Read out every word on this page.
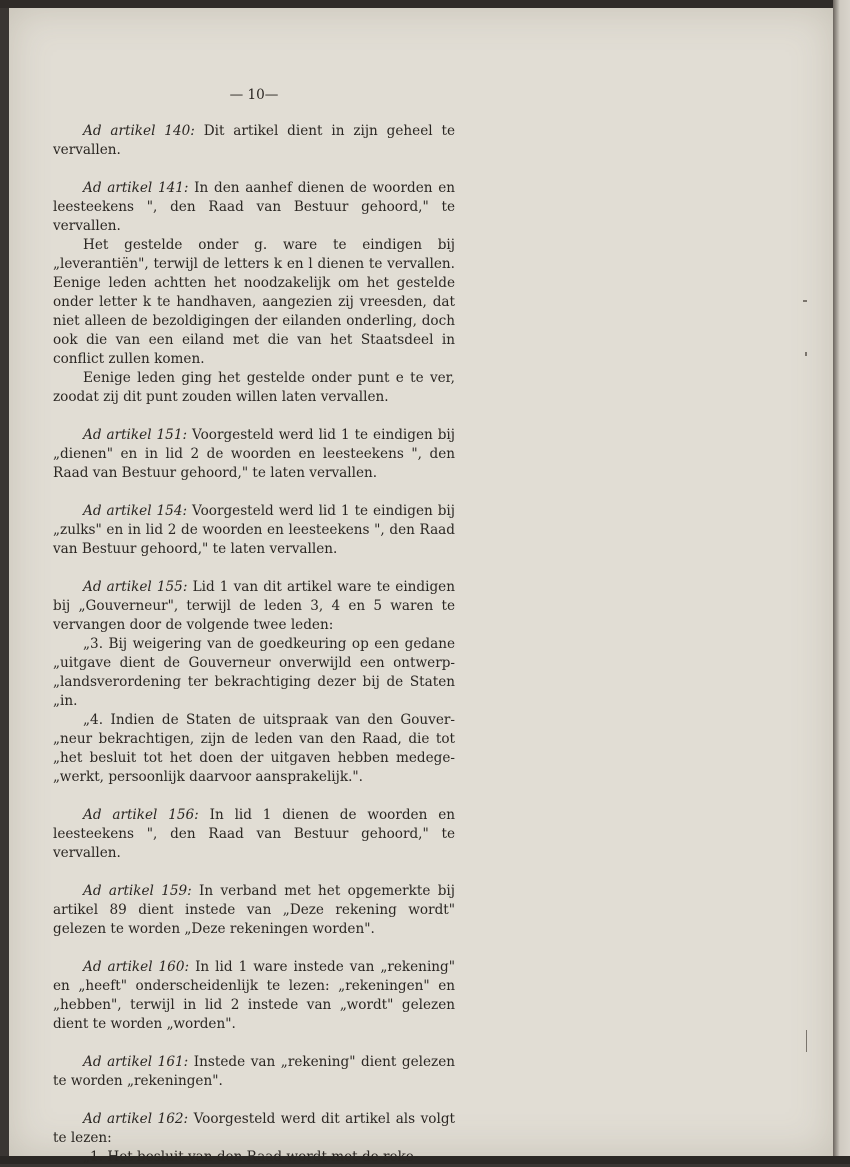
— 10—

Ad artikel 140: Dit artikel dient in zijn geheel te vervallen.

Ad artikel 141: In den aanhef dienen de woorden en leesteekens ", den Raad van Bestuur gehoord," te vervallen.

Het gestelde onder g. ware te eindigen bij „leverantiën", terwijl de letters k en l dienen te vervallen. Eenige leden achtten het noodzakelijk om het gestelde onder letter k te handhaven, aangezien zij vreesden, dat niet alleen de bezoldigingen der eilanden onderling, doch ook die van een eiland met die van het Staatsdeel in conflict zullen komen.

Eenige leden ging het gestelde onder punt e te ver, zoodat zij dit punt zouden willen laten vervallen.

Ad artikel 151: Voorgesteld werd lid 1 te eindigen bij „dienen" en in lid 2 de woorden en leesteekens ", den Raad van Bestuur gehoord," te laten vervallen.

Ad artikel 154: Voorgesteld werd lid 1 te eindigen bij „zulks" en in lid 2 de woorden en leesteekens ", den Raad van Bestuur gehoord," te laten vervallen.

Ad artikel 155: Lid 1 van dit artikel ware te eindigen bij „Gouverneur", terwijl de leden 3, 4 en 5 waren te vervangen door de volgende twee leden:

„3. Bij weigering van de goedkeuring op een gedane „uitgave dient de Gouverneur onverwijld een ontwerp- „landsverordening ter bekrachtiging dezer bij de Staten „in.

„4. Indien de Staten de uitspraak van den Gouver- „neur bekrachtigen, zijn de leden van den Raad, die tot „het besluit tot het doen der uitgaven hebben medege- „werkt, persoonlijk daarvoor aansprakelijk.".

Ad artikel 156: In lid 1 dienen de woorden en leesteekens ", den Raad van Bestuur gehoord," te vervallen.

Ad artikel 159: In verband met het opgemerkte bij artikel 89 dient instede van „Deze rekening wordt" gelezen te worden „Deze rekeningen worden".

Ad artikel 160: In lid 1 ware instede van „rekening" en „heeft" onderscheidenlijk te lezen: „rekeningen" en „hebben", terwijl in lid 2 instede van „wordt" gelezen dient te worden „worden".

Ad artikel 161: Instede van „rekening" dient gelezen te worden „rekeningen".

Ad artikel 162: Voorgesteld werd dit artikel als volgt te lezen:

„1. Het besluit van den Raad wordt met de reke-
